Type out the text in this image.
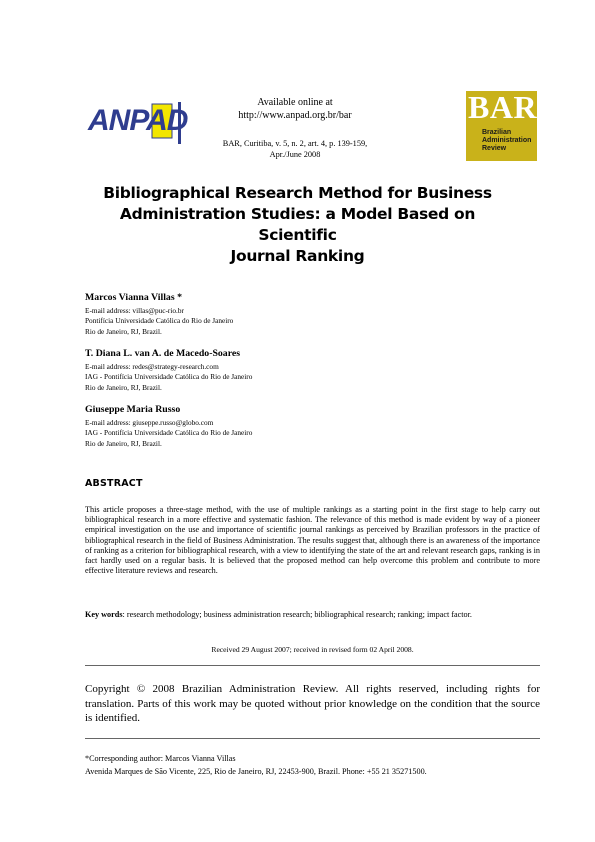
ANPAD
Available online at
http://www.anpad.org.br/bar
BAR, Curitiba, v. 5, n. 2, art. 4, p. 139-159,
Apr./June 2008
BAR
Brazilian
Administration
Review
Bibliographical Research Method for Business
Administration Studies: a Model Based on Scientific
Journal Ranking
Marcos Vianna Villas *
E-mail address: villas@puc-rio.br
Pontifícia Universidade Católica do Rio de Janeiro
Rio de Janeiro, RJ, Brazil.
T. Diana L. van A. de Macedo-Soares
E-mail address: redes@strategy-research.com
IAG - Pontifícia Universidade Católica do Rio de Janeiro
Rio de Janeiro, RJ, Brazil.
Giuseppe Maria Russo
E-mail address: giuseppe.russo@globo.com
IAG - Pontifícia Universidade Católica do Rio de Janeiro
Rio de Janeiro, RJ, Brazil.
ABSTRACT
This article proposes a three-stage method, with the use of multiple rankings as a starting point in the first stage to help carry out bibliographical research in a more effective and systematic fashion. The relevance of this method is made evident by way of a pioneer empirical investigation on the use and importance of scientific journal rankings as perceived by Brazilian professors in the practice of bibliographical research in the field of Business Administration. The results suggest that, although there is an awareness of the importance of ranking as a criterion for bibliographical research, with a view to identifying the state of the art and relevant research gaps, ranking is in fact hardly used on a regular basis. It is believed that the proposed method can help overcome this problem and contribute to more effective literature reviews and research.
Key words: research methodology; business administration research; bibliographical research; ranking; impact factor.
Received 29 August 2007; received in revised form 02 April 2008.
Copyright © 2008 Brazilian Administration Review. All rights reserved, including rights for translation. Parts of this work may be quoted without prior knowledge on the condition that the source is identified.
*Corresponding author: Marcos Vianna Villas
Avenida Marques de São Vicente, 225, Rio de Janeiro, RJ, 22453-900, Brazil. Phone: +55 21 35271500.
